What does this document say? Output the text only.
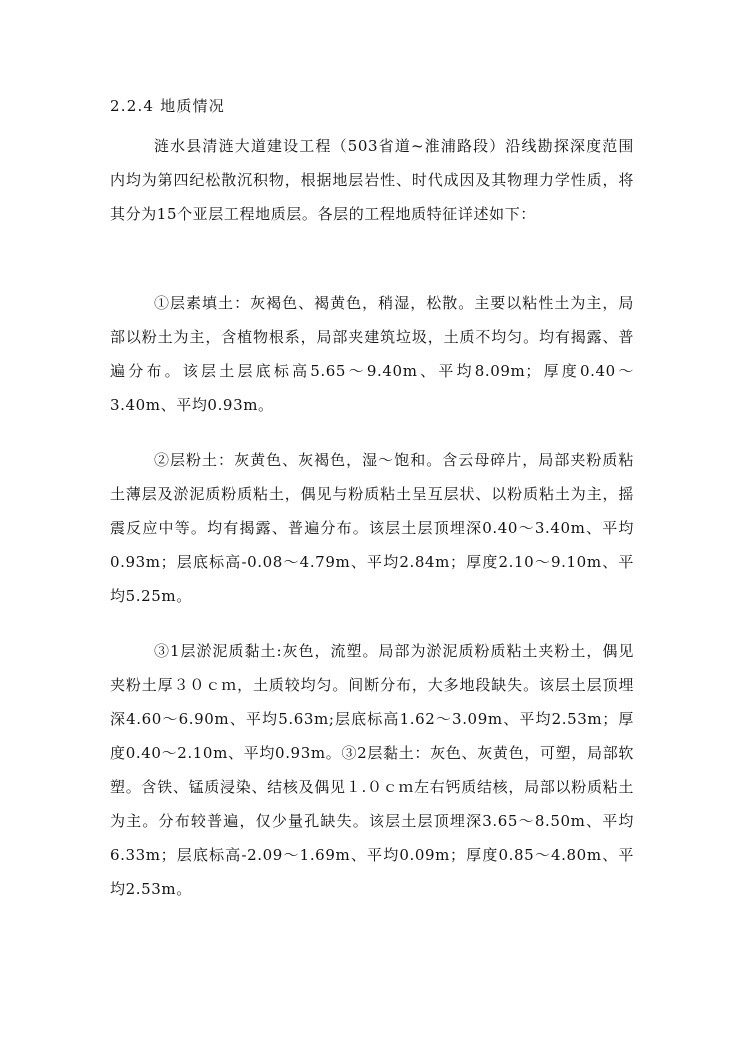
2.2.4 地质情况

涟水县清涟大道建设工程（503省道~淮浦路段）沿线勘探深度范围内均为第四纪松散沉积物，根据地层岩性、时代成因及其物理力学性质，将其分为15个亚层工程地质层。各层的工程地质特征详述如下：

①层素填土：灰褐色、褐黄色，稍湿，松散。主要以粘性土为主，局部以粉土为主，含植物根系，局部夹建筑垃圾，土质不均匀。均有揭露、普遍分布。该层土层底标高5.65～9.40m、平均8.09m；厚度0.40～3.40m、平均0.93m。

②层粉土：灰黄色、灰褐色，湿～饱和。含云母碎片，局部夹粉质粘土薄层及淤泥质粉质粘土，偶见与粉质粘土呈互层状、以粉质粘土为主，摇震反应中等。均有揭露、普遍分布。该层土层顶埋深0.40～3.40m、平均0.93m；层底标高-0.08～4.79m、平均2.84m；厚度2.10～9.10m、平均5.25m。

③1层淤泥质黏土:灰色，流塑。局部为淤泥质粉质粘土夹粉土，偶见夹粉土厚３０ｃｍ，土质较均匀。间断分布，大多地段缺失。该层土层顶埋深4.60～6.90m、平均5.63m;层底标高1.62～3.09m、平均2.53m；厚度0.40～2.10m、平均0.93m。③2层黏土：灰色、灰黄色，可塑，局部软塑。含铁、锰质浸染、结核及偶见１.０ｃｍ左右钙质结核，局部以粉质粘土为主。分布较普遍，仅少量孔缺失。该层土层顶埋深3.65～8.50m、平均6.33m；层底标高-2.09～1.69m、平均0.09m；厚度0.85～4.80m、平均2.53m。
